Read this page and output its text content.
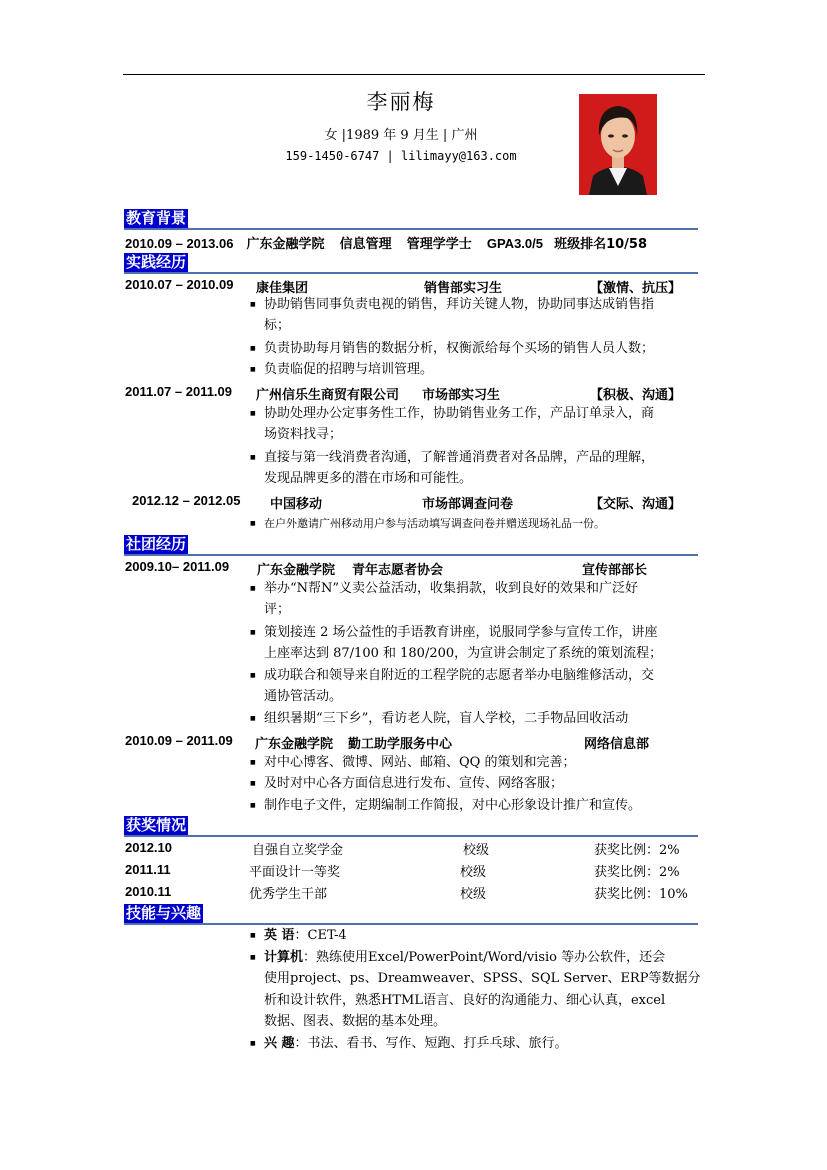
李丽梅
女 |1989 年 9 月生 | 广州
159-1450-6747 | lilimayy@163.com
教育背景
2010.09 – 2013.06 广东金融学院 信息管理 管理学学士 GPA3.0/5 班级排名10/58
实践经历
2010.07 – 2010.09 康佳集团	销售部实习生	【激情、抗压】
协助销售同事负责电视的销售，拜访关键人物，协助同事达成销售指
标；
负责协助每月销售的数据分析，权衡派给每个买场的销售人员人数；
负责临促的招聘与培训管理。
2011.07 – 2011.09 广州信乐生商贸有限公司 市场部实习生	【积极、沟通】
协助处理办公定事务性工作，协助销售业务工作，产品订单录入，商
场资料找寻；
直接与第一线消费者沟通，了解普通消费者对各品牌，产品的理解，
发现品牌更多的潜在市场和可能性。
2012.12 – 2012.05 中国移动	市场部调查问卷	【交际、沟通】
在户外邀请广州移动用户参与活动填写调查问卷并赠送现场礼品一份。
社团经历
2009.10– 2011.09 广东金融学院 青年志愿者协会	宣传部部长
举办“N帮N”义卖公益活动，收集捐款，收到良好的效果和广泛好
评；
策划接连 2 场公益性的手语教育讲座，说服同学参与宣传工作，讲座
上座率达到 87/100 和 180/200，为宣讲会制定了系统的策划流程；
成功联合和领导来自附近的工程学院的志愿者举办电脑维修活动，交
通协管活动。
组织暑期“三下乡”，看访老人院，盲人学校，二手物品回收活动
2010.09 – 2011.09 广东金融学院 勤工助学服务中心	网络信息部
对中心博客、微博、网站、邮箱、QQ 的策划和完善；
及时对中心各方面信息进行发布、宣传、网络客服；
制作电子文件，定期编制工作简报，对中心形象设计推广和宣传。
获奖情况
2012.10	自强自立奖学金	校级	获奖比例：2%
2011.11	平面设计一等奖	校级	获奖比例：2%
2010.11	优秀学生干部	校级	获奖比例：10%
技能与兴趣
英 语：CET-4
计算机：熟练使用Excel/PowerPoint/Word/visio 等办公软件，还会
使用project、ps、Dreamweaver、SPSS、SQL Server、ERP等数据分
析和设计软件，熟悉HTML语言、良好的沟通能力、细心认真，excel
数据、图表、数据的基本处理。
兴 趣：书法、看书、写作、短跑、打乒乓球、旅行。
